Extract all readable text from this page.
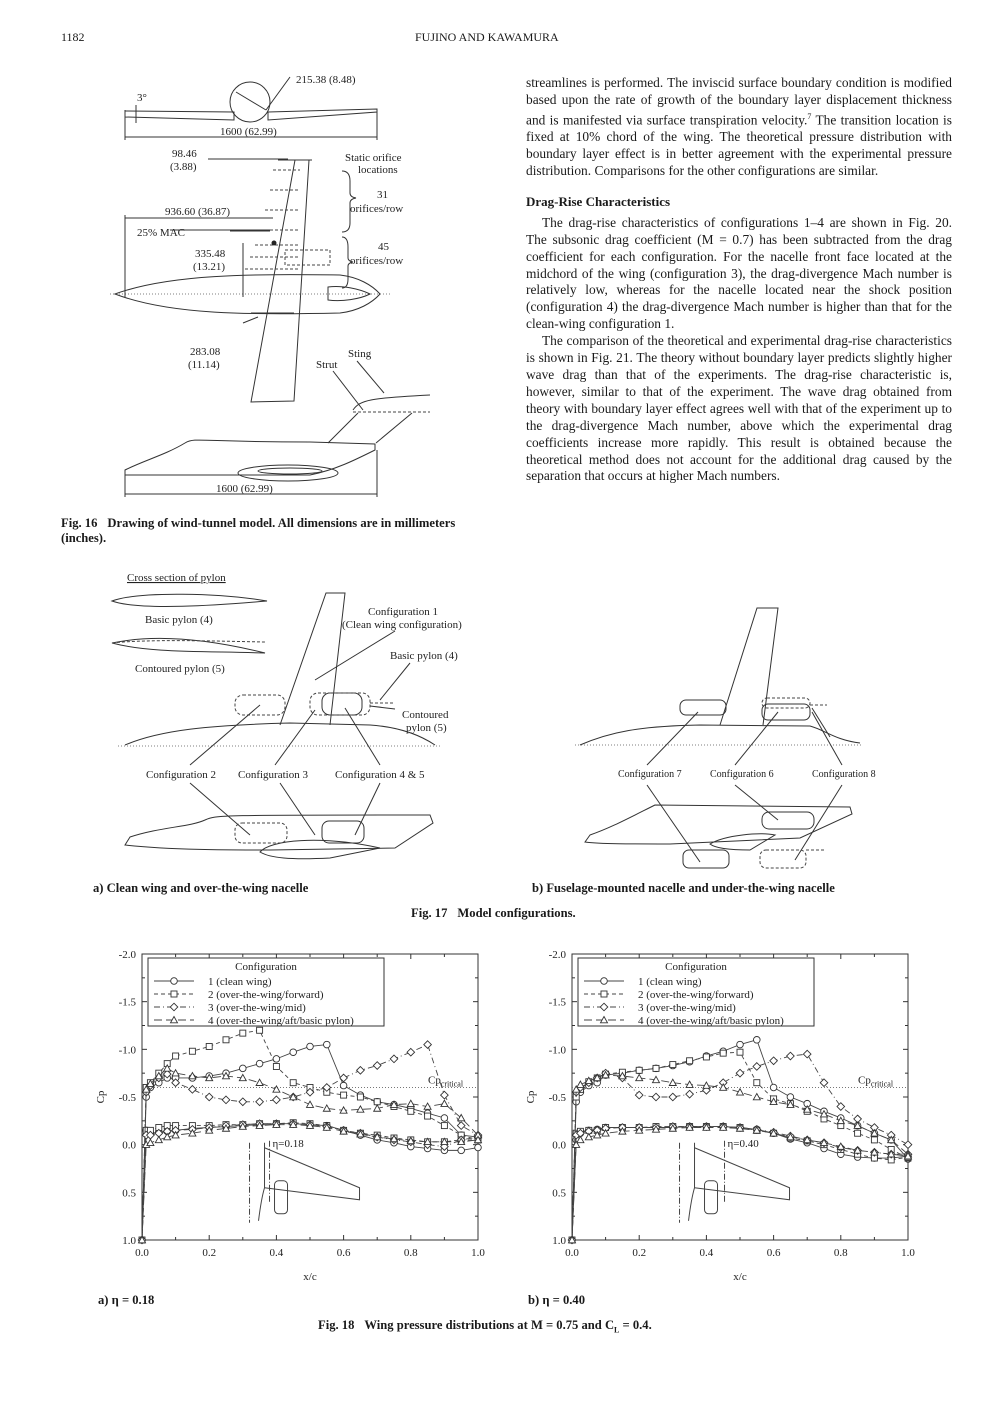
1182	FUJINO AND KAWAMURA
215.38 (8.48)
3°
1600 (62.99)
98.46
(3.88)
Static orifice
locations
31
orifices/row
936.60 (36.87)
25% MAC
335.48
(13.21)
45
orifices/row
283.08
(11.14)
Sting
Strut
1600 (62.99)
Fig. 16 Drawing of wind-tunnel model. All dimensions are in millimeters (inches).

streamlines is performed. The inviscid surface boundary condition is modified based upon the rate of growth of the boundary layer displacement thickness and is manifested via surface transpiration velocity.$^7$ The transition location is fixed at 10% chord of the wing. The theoretical pressure distribution with boundary layer effect is in better agreement with the experimental pressure distribution. Comparisons for the other configurations are similar.

Drag-Rise Characteristics

The drag-rise characteristics of configurations 1–4 are shown in Fig. 20. The subsonic drag coefficient (M = 0.7) has been subtracted from the drag coefficient for each configuration. For the nacelle front face located at the midchord of the wing (configuration 3), the drag-divergence Mach number is relatively low, whereas for the nacelle located near the shock position (configuration 4) the drag-divergence Mach number is higher than that for the clean-wing configuration 1.

The comparison of the theoretical and experimental drag-rise characteristics is shown in Fig. 21. The theory without boundary layer predicts slightly higher wave drag than that of the experiments. The drag-rise characteristic is, however, similar to that of the experiment. The wave drag obtained from theory with boundary layer effect agrees well with that of the experiment up to the drag-divergence Mach number, above which the experimental drag coefficients increase more rapidly. This result is obtained because the theoretical method does not account for the additional drag caused by the separation that occurs at higher Mach numbers.

Cross section of pylon
Basic pylon (4)
Contoured pylon (5)
Configuration 1
(Clean wing configuration)
Basic pylon (4)
Contoured
pylon (5)
Configuration 2 Configuration 3 Configuration 4 & 5
a) Clean wing and over-the-wing nacelle
Configuration 7	Configuration 6	Configuration 8
b) Fuselage-mounted nacelle and under-the-wing nacelle
Fig. 17 Model configurations.
-2.0
-1.5
-1.0
-0.5
0.0
0.5
1.0
0.0	0.2	0.4	0.6	0.8	1.0
x/c
Cp
$Cp_{critical}$
Configuration
1 (clean wing)
2 (over-the-wing/forward)
3 (over-the-wing/mid)
4 (over-the-wing/aft/basic pylon)
η=0.18
-2.0
-1.5
-1.0
-0.5
0.0
0.5
1.0
0.0	0.2	0.4	0.6	0.8	1.0
x/c
Cp
$Cp_{critical}$
Configuration
1 (clean wing)
2 (over-the-wing/forward)
3 (over-the-wing/mid)
4 (over-the-wing/aft/basic pylon)
η=0.40
a) η = 0.18	b) η = 0.40
Fig. 18 Wing pressure distributions at M = 0.75 and $C_L = 0.4$.
